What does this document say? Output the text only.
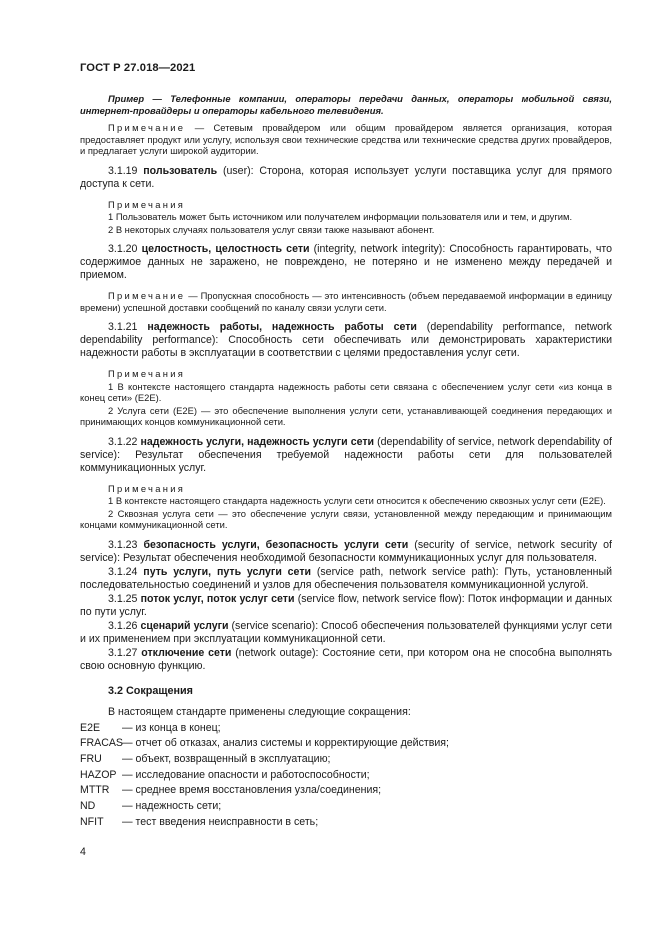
ГОСТ Р 27.018—2021

Пример — Телефонные компании, операторы передачи данных, операторы мобильной связи, интернет-провайдеры и операторы кабельного телевидения.

Примечание — Сетевым провайдером или общим провайдером является организация, которая предоставляет продукт или услугу, используя свои технические средства или технические средства других провайдеров, и предлагает услуги широкой аудитории.

3.1.19 пользователь (user): Сторона, которая использует услуги поставщика услуг для прямого доступа к сети.

Примечания

1 Пользователь может быть источником или получателем информации пользователя или и тем, и другим.

2 В некоторых случаях пользователя услуг связи также называют абонент.

3.1.20 целостность, целостность сети (integrity, network integrity): Способность гарантировать, что содержимое данных не заражено, не повреждено, не потеряно и не изменено между передачей и приемом.

Примечание — Пропускная способность — это интенсивность (объем передаваемой информации в единицу времени) успешной доставки сообщений по каналу связи услуги сети.

3.1.21 надежность работы, надежность работы сети (dependability performance, network dependability performance): Способность сети обеспечивать или демонстрировать характеристики надежности работы в эксплуатации в соответствии с целями предоставления услуг сети.

Примечания

1 В контексте настоящего стандарта надежность работы сети связана с обеспечением услуг сети «из конца в конец сети» (E2E).

2 Услуга сети (E2E) — это обеспечение выполнения услуги сети, устанавливающей соединения передающих и принимающих концов коммуникационной сети.

3.1.22 надежность услуги, надежность услуги сети (dependability of service, network dependability of service): Результат обеспечения требуемой надежности работы сети для пользователей коммуникационных услуг.

Примечания

1 В контексте настоящего стандарта надежность услуги сети относится к обеспечению сквозных услуг сети (E2E).

2 Сквозная услуга сети — это обеспечение услуги связи, установленной между передающим и принимающим концами коммуникационной сети.

3.1.23 безопасность услуги, безопасность услуги сети (security of service, network security of service): Результат обеспечения необходимой безопасности коммуникационных услуг для пользователя.

3.1.24 путь услуги, путь услуги сети (service path, network service path): Путь, установленный последовательностью соединений и узлов для обеспечения пользователя коммуникационной услугой.

3.1.25 поток услуг, поток услуг сети (service flow, network service flow): Поток информации и данных по пути услуг.

3.1.26 сценарий услуги (service scenario): Способ обеспечения пользователей функциями услуг сети и их применением при эксплуатации коммуникационной сети.

3.1.27 отключение сети (network outage): Состояние сети, при котором она не способна выполнять свою основную функцию.

3.2 Сокращения

В настоящем стандарте применены следующие сокращения:

E2E	— из конца в конец;
FRACAS — отчет об отказах, анализ системы и корректирующие действия;
FRU	— объект, возвращенный в эксплуатацию;
HAZOP — исследование опасности и работоспособности;
MTTR	— среднее время восстановления узла/соединения;
ND	— надежность сети;
NFIT	— тест введения неисправности в сеть;
4
